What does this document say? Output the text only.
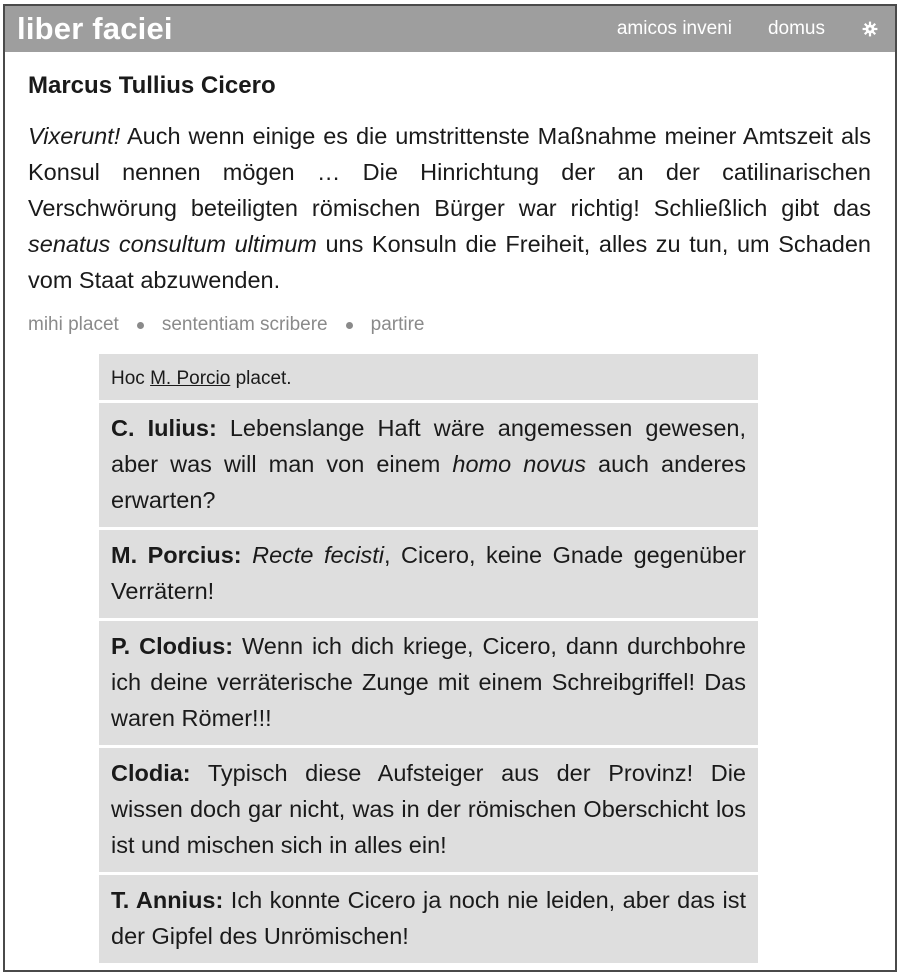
liber faciei	amicos inveni domus
Marcus Tullius Cicero

Vixerunt! Auch wenn einige es die umstrittenste Maßnahme meiner Amtszeit als Konsul nennen mögen … Die Hinrichtung der an der catilinarischen Verschwörung beteiligten römischen Bürger war richtig! Schließlich gibt das senatus consultum ultimum uns Konsuln die Freiheit, alles zu tun, um Schaden vom Staat abzuwenden.

mihi placet sententiam scribere partire
Hoc M. Porcio placet.
C. Iulius: Lebenslange Haft wäre angemessen gewesen, aber was will man von einem homo novus auch anderes erwarten?
M. Porcius: Recte fecisti, Cicero, keine Gnade gegenüber Verrätern!
P. Clodius: Wenn ich dich kriege, Cicero, dann durchbohre ich deine verräterische Zunge mit einem Schreibgriffel! Das waren Römer!!!
Clodia: Typisch diese Aufsteiger aus der Provinz! Die wissen doch gar nicht, was in der römischen Oberschicht los ist und mischen sich in alles ein!
T. Annius: Ich konnte Cicero ja noch nie leiden, aber das ist der Gipfel des Unrömischen!
